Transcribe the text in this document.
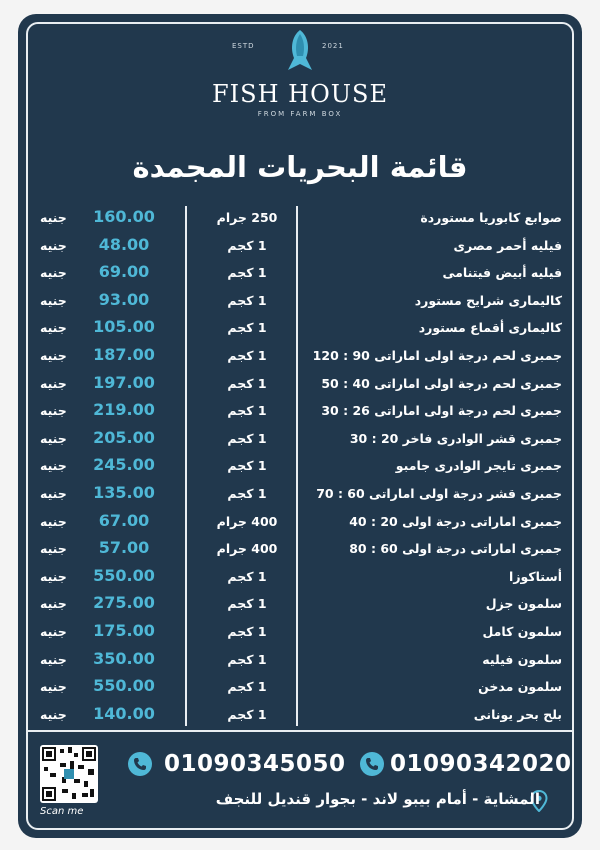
FISH HOUSE
FROM FARM BOX
ESTD	2021
قائمة البحريات المجمدة
صوابع كابوريا مستوردة
250 جرام
160.00
جنيه
فيليه أحمر مصرى
1 كجم
48.00
جنيه
فيليه أبيض فيتنامى
1 كجم
69.00
جنيه
كاليمارى شرايح مستورد
1 كجم
93.00
جنيه
كاليمارى أقماع مستورد
1 كجم
105.00
جنيه
جمبرى لحم درجة اولى اماراتى 90 : 120
1 كجم
187.00
جنيه
جمبرى لحم درجة اولى اماراتى 40 : 50
1 كجم
197.00
جنيه
جمبرى لحم درجة اولى اماراتى 26 : 30
1 كجم
219.00
جنيه
جمبرى قشر الوادرى فاخر 20 : 30
1 كجم
205.00
جنيه
جمبرى تايجر الوادرى جامبو
1 كجم
245.00
جنيه
جمبرى قشر درجة اولى اماراتى 60 : 70
1 كجم
135.00
جنيه
جمبرى اماراتى درجة اولى 20 : 40
400 جرام
67.00
جنيه
جمبرى اماراتى درجة اولى 60 : 80
400 جرام
57.00
جنيه
أستاكوزا
1 كجم
550.00
جنيه
سلمون جزل
1 كجم
275.00
جنيه
سلمون كامل
1 كجم
175.00
جنيه
سلمون فيليه
1 كجم
350.00
جنيه
سلمون مدخن
1 كجم
550.00
جنيه
بلح بحر يونانى
1 كجم
140.00
جنيه
Scan me
01090345050 01090342020
المشاية - أمام بيبو لاند - بجوار قنديل للنجف
